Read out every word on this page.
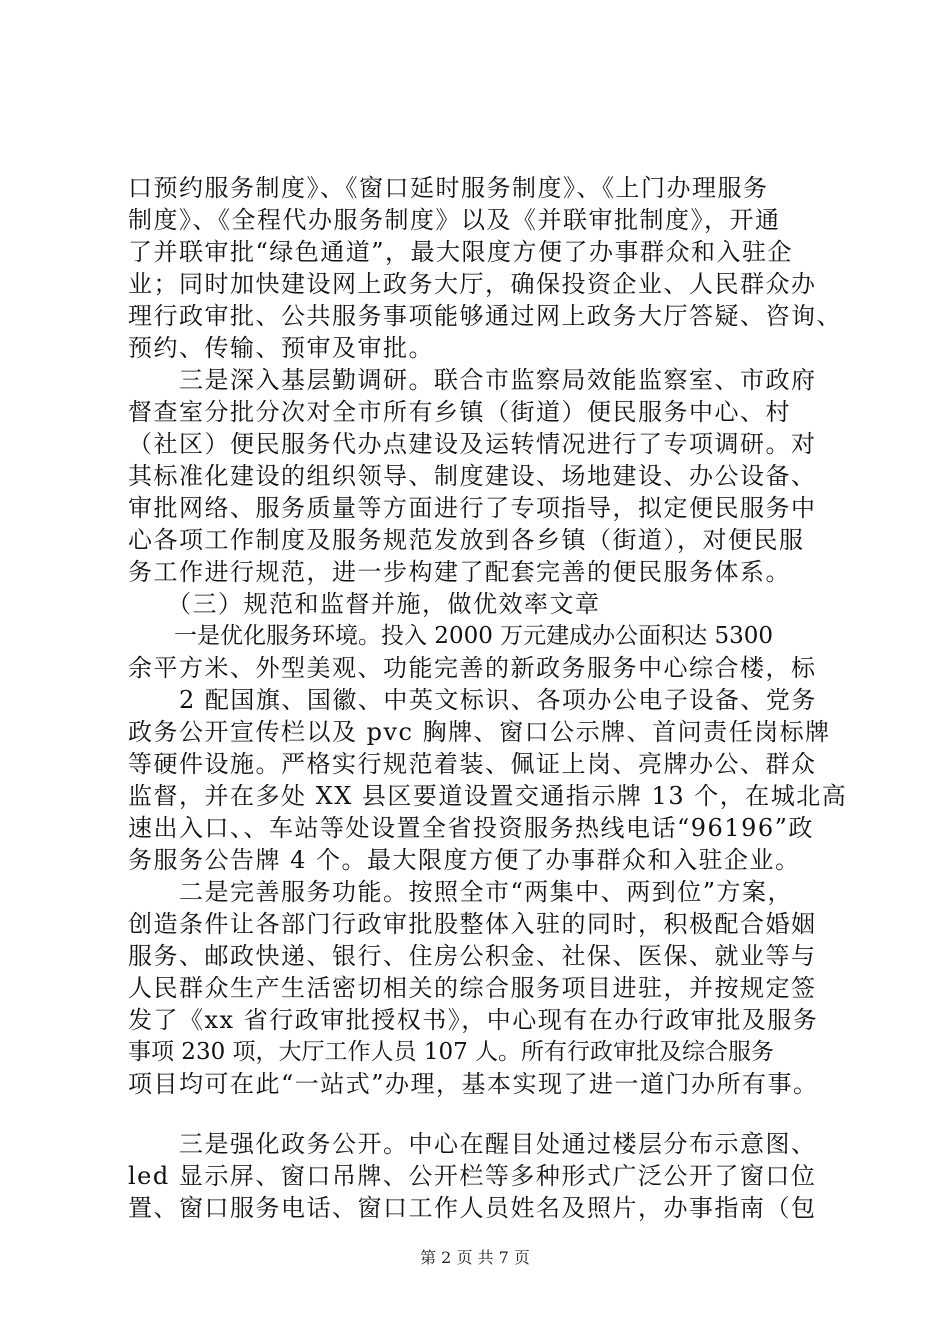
口预约服务制度》、《窗口延时服务制度》、《上门办理服务
制度》、《全程代办服务制度》以及《并联审批制度》，开通
了并联审批“绿色通道”，最大限度方便了办事群众和入驻企
业；同时加快建设网上政务大厅，确保投资企业、人民群众办
理行政审批、公共服务事项能够通过网上政务大厅答疑、咨询、
预约、传输、预审及审批。
　　三是深入基层勤调研。联合市监察局效能监察室、市政府
督查室分批分次对全市所有乡镇（街道）便民服务中心、村
（社区）便民服务代办点建设及运转情况进行了专项调研。对
其标准化建设的组织领导、制度建设、场地建设、办公设备、
审批网络、服务质量等方面进行了专项指导，拟定便民服务中
心各项工作制度及服务规范发放到各乡镇（街道），对便民服
务工作进行规范，进一步构建了配套完善的便民服务体系。
　　（三）规范和监督并施，做优效率文章
　　一是优化服务环境。投入 2000 万元建成办公面积达 5300
余平方米、外型美观、功能完善的新政务服务中心综合楼，标
　　2 配国旗、国徽、中英文标识、各项办公电子设备、党务
政务公开宣传栏以及 pvc 胸牌、窗口公示牌、首问责任岗标牌
等硬件设施。严格实行规范着装、佩证上岗、亮牌办公、群众
监督，并在多处 XX 县区要道设置交通指示牌 13 个，在城北高
速出入口、、车站等处设置全省投资服务热线电话“96196”政
务服务公告牌 4 个。最大限度方便了办事群众和入驻企业。
　　二是完善服务功能。按照全市“两集中、两到位”方案，
创造条件让各部门行政审批股整体入驻的同时，积极配合婚姻
服务、邮政快递、银行、住房公积金、社保、医保、就业等与
人民群众生产生活密切相关的综合服务项目进驻，并按规定签
发了《xx 省行政审批授权书》，中心现有在办行政审批及服务
事项 230 项，大厅工作人员 107 人。所有行政审批及综合服务
项目均可在此“一站式”办理，基本实现了进一道门办所有事。
　　三是强化政务公开。中心在醒目处通过楼层分布示意图、
led 显示屏、窗口吊牌、公开栏等多种形式广泛公开了窗口位
置、窗口服务电话、窗口工作人员姓名及照片，办事指南（包
第 2 页 共 7 页
